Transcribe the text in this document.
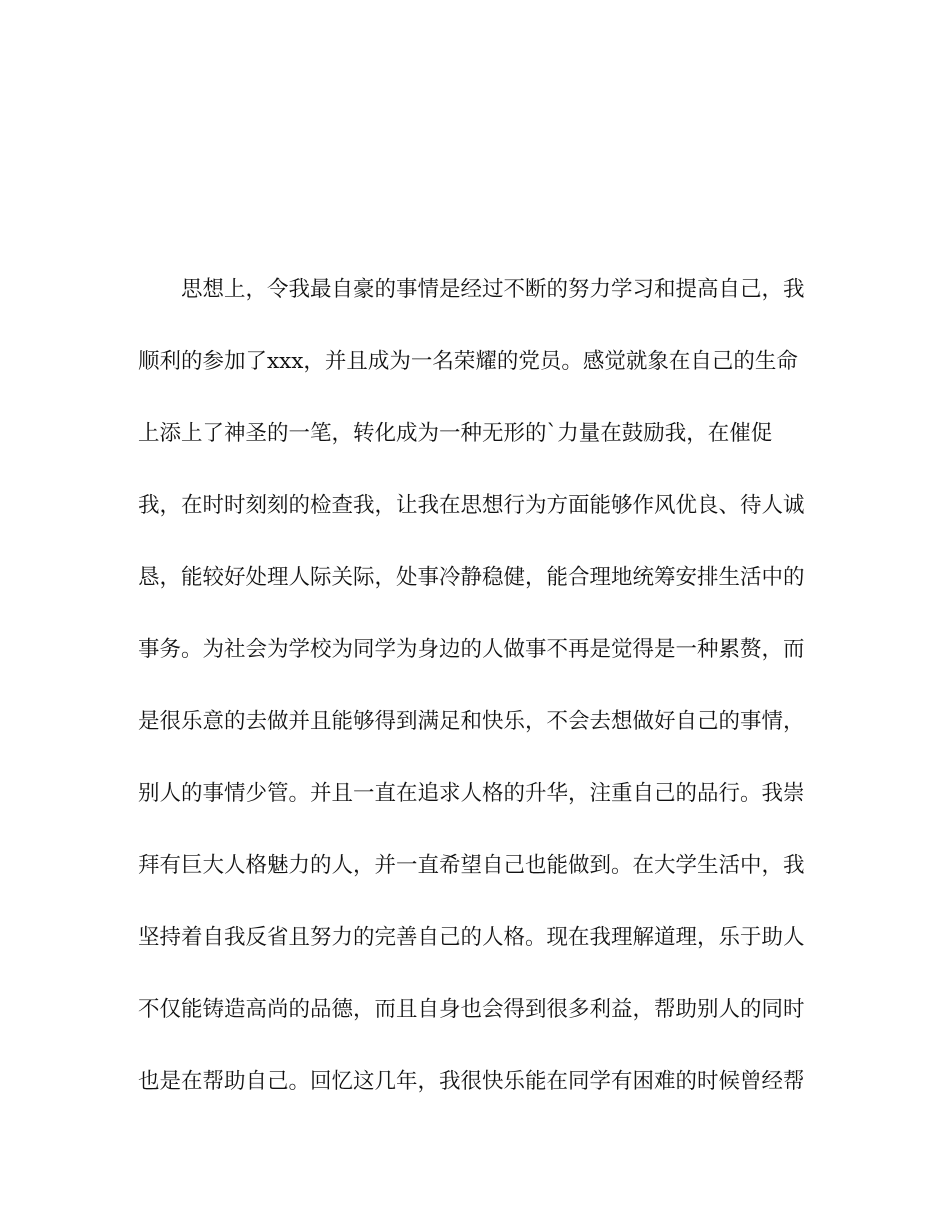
思想上，令我最自豪的事情是经过不断的努力学习和提高自己，我
顺利的参加了xxx，并且成为一名荣耀的党员。感觉就象在自己的生命
上添上了神圣的一笔，转化成为一种无形的`力量在鼓励我，在催促
我，在时时刻刻的检查我，让我在思想行为方面能够作风优良、待人诚
恳，能较好处理人际关际，处事冷静稳健，能合理地统筹安排生活中的
事务。为社会为学校为同学为身边的人做事不再是觉得是一种累赘，而
是很乐意的去做并且能够得到满足和快乐，不会去想做好自己的事情，
别人的事情少管。并且一直在追求人格的升华，注重自己的品行。我崇
拜有巨大人格魅力的人，并一直希望自己也能做到。在大学生活中，我
坚持着自我反省且努力的完善自己的人格。现在我理解道理，乐于助人
不仅能铸造高尚的品德，而且自身也会得到很多利益，帮助别人的同时
也是在帮助自己。回忆这几年，我很快乐能在同学有困难的时候曾经帮
